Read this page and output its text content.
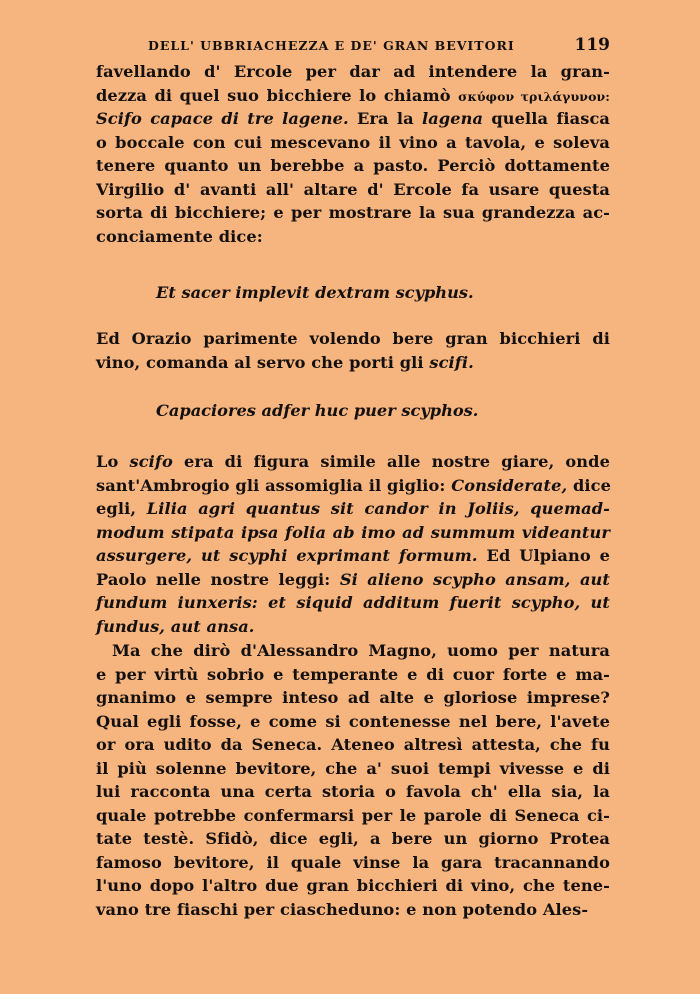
DELL' UBBRIACHEZZA E DE' GRAN BEVITORI	119
favellando d' Ercole per dar ad intendere la gran-
dezza di quel suo bicchiere lo chiamò σκύφον τριλάγυνον:
Scifo capace di tre lagene. Era la lagena quella fiasca
o boccale con cui mescevano il vino a tavola, e soleva
tenere quanto un berebbe a pasto. Perciò dottamente
Virgilio d' avanti all' altare d' Ercole fa usare questa
sorta di bicchiere; e per mostrare la sua grandezza ac-
conciamente dice:
Et sacer implevit dextram scyphus.
Ed Orazio parimente volendo bere gran bicchieri di
vino, comanda al servo che porti gli scifi.
Capaciores adfer huc puer scyphos.
Lo scifo era di figura simile alle nostre giare, onde
sant'Ambrogio gli assomiglia il giglio: Considerate, dice
egli, Lilia agri quantus sit candor in Joliis, quemad-
modum stipata ipsa folia ab imo ad summum videantur
assurgere, ut scyphi exprimant formum. Ed Ulpiano e
Paolo nelle nostre leggi: Si alieno scypho ansam, aut
fundum iunxeris: et siquid additum fuerit scypho, ut
fundus, aut ansa.
Ma che dirò d'Alessandro Magno, uomo per natura
e per virtù sobrio e temperante e di cuor forte e ma-
gnanimo e sempre inteso ad alte e gloriose imprese?
Qual egli fosse, e come si contenesse nel bere, l'avete
or ora udito da Seneca. Ateneo altresì attesta, che fu
il più solenne bevitore, che a' suoi tempi vivesse e di
lui racconta una certa storia o favola ch' ella sia, la
quale potrebbe confermarsi per le parole di Seneca ci-
tate testè. Sfidò, dice egli, a bere un giorno Protea
famoso bevitore, il quale vinse la gara tracannando
l'uno dopo l'altro due gran bicchieri di vino, che tene-
vano tre fiaschi per ciascheduno: e non potendo Ales-
